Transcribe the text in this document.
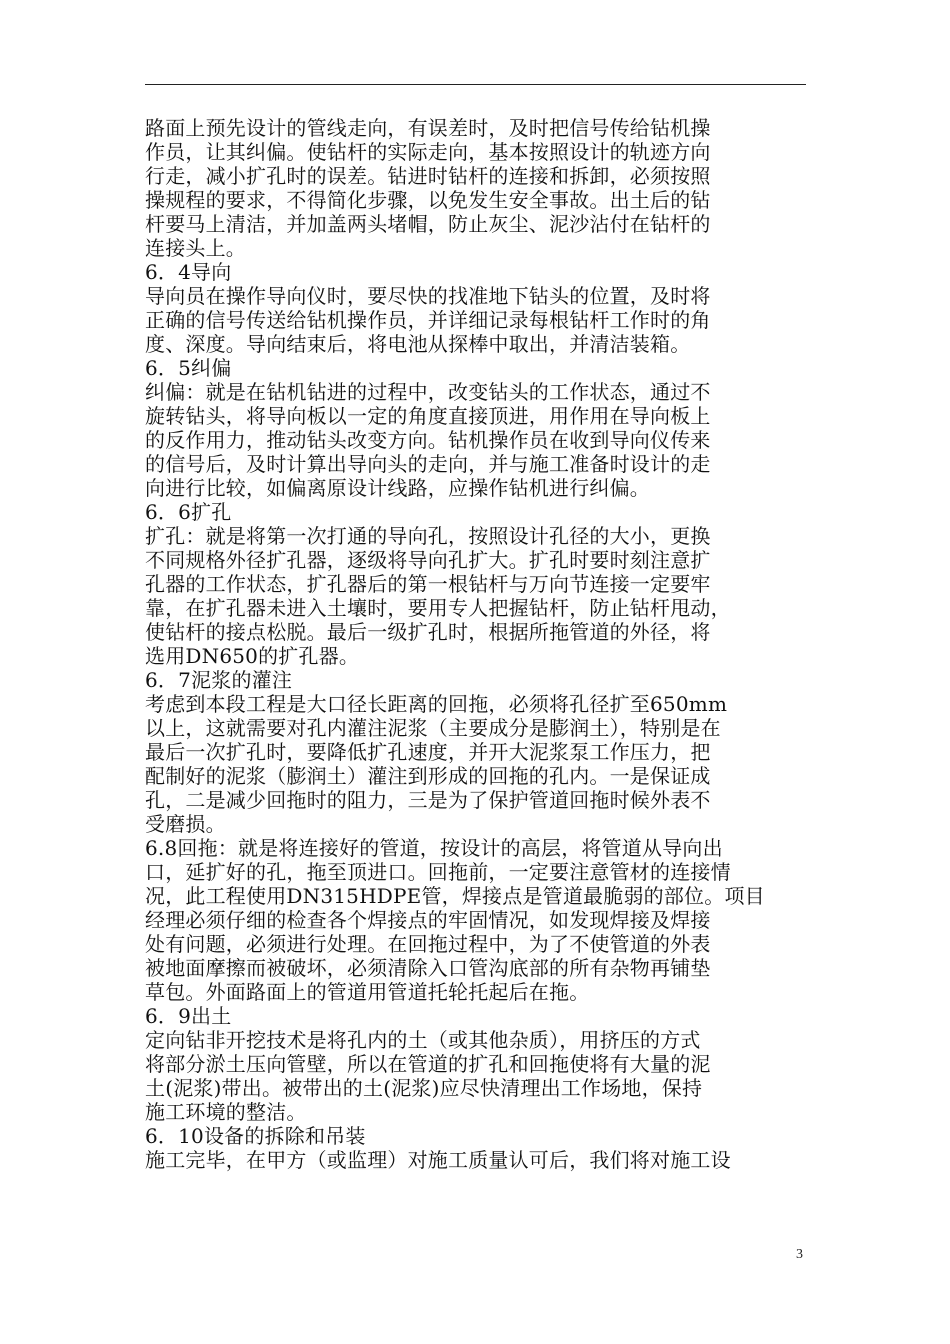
路面上预先设计的管线走向，有误差时，及时把信号传给钻机操
作员，让其纠偏。使钻杆的实际走向，基本按照设计的轨迹方向
行走，减小扩孔时的误差。钻进时钻杆的连接和拆卸，必须按照
操规程的要求，不得简化步骤，以免发生安全事故。出土后的钻
杆要马上清洁，并加盖两头堵帽，防止灰尘、泥沙沾付在钻杆的
连接头上。
6．4导向
导向员在操作导向仪时，要尽快的找准地下钻头的位置，及时将
正确的信号传送给钻机操作员，并详细记录每根钻杆工作时的角
度、深度。导向结束后，将电池从探棒中取出，并清洁装箱。
6．5纠偏
纠偏：就是在钻机钻进的过程中，改变钻头的工作状态，通过不
旋转钻头，将导向板以一定的角度直接顶进，用作用在导向板上
的反作用力，推动钻头改变方向。钻机操作员在收到导向仪传来
的信号后，及时计算出导向头的走向，并与施工准备时设计的走
向进行比较，如偏离原设计线路，应操作钻机进行纠偏。
6．6扩孔
扩孔：就是将第一次打通的导向孔，按照设计孔径的大小，更换
不同规格外径扩孔器，逐级将导向孔扩大。扩孔时要时刻注意扩
孔器的工作状态，扩孔器后的第一根钻杆与万向节连接一定要牢
靠，在扩孔器未进入土壤时，要用专人把握钻杆，防止钻杆甩动，
使钻杆的接点松脱。最后一级扩孔时，根据所拖管道的外径，将
选用DN650的扩孔器。
6．7泥浆的灌注
考虑到本段工程是大口径长距离的回拖，必须将孔径扩至650mm
以上，这就需要对孔内灌注泥浆（主要成分是膨润土），特别是在
最后一次扩孔时，要降低扩孔速度，并开大泥浆泵工作压力，把
配制好的泥浆（膨润土）灌注到形成的回拖的孔内。一是保证成
孔，二是减少回拖时的阻力，三是为了保护管道回拖时候外表不
受磨损。
6.8回拖：就是将连接好的管道，按设计的高层，将管道从导向出
口，延扩好的孔，拖至顶进口。回拖前，一定要注意管材的连接情
况，此工程使用DN315HDPE管，焊接点是管道最脆弱的部位。项目
经理必须仔细的检查各个焊接点的牢固情况，如发现焊接及焊接
处有问题，必须进行处理。在回拖过程中，为了不使管道的外表
被地面摩擦而被破坏，必须清除入口管沟底部的所有杂物再铺垫
草包。外面路面上的管道用管道托轮托起后在拖。
6．9出土
定向钻非开挖技术是将孔内的土（或其他杂质），用挤压的方式
将部分淤土压向管壁，所以在管道的扩孔和回拖使将有大量的泥
土(泥浆)带出。被带出的土(泥浆)应尽快清理出工作场地，保持
施工环境的整洁。
6．10设备的拆除和吊装
施工完毕，在甲方（或监理）对施工质量认可后，我们将对施工设
3
